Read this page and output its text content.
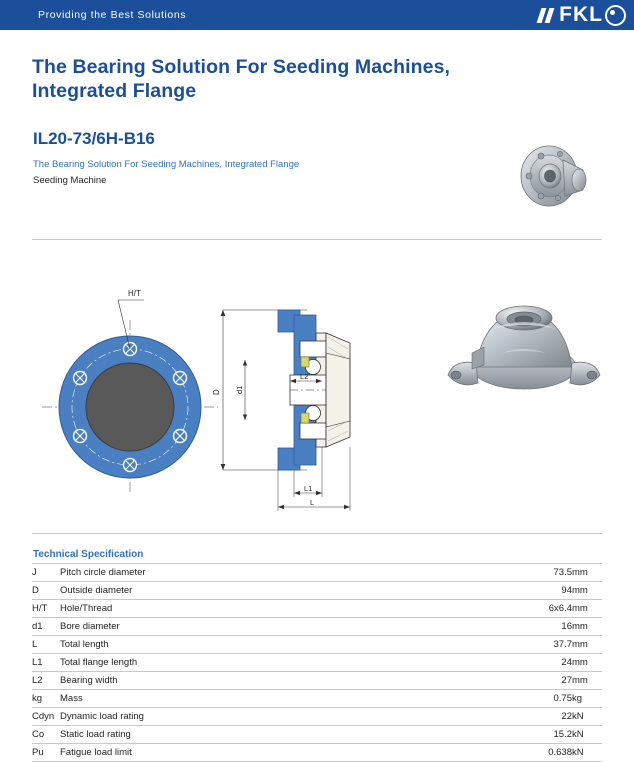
Providing the Best Solutions	FKL
The Bearing Solution For Seeding Machines,
Integrated Flange
IL20-73/6H-B16
The Bearing Solution For Seeding Machines, Integrated Flange
Seeding Machine
H/T
D d1
L2
L1
L
Technical Specification
J	Pitch circle diameter	73.5	mm
D	Outside diameter	94	mm
H/T	Hole/Thread	6x6.4	mm
d1	Bore diameter	16	mm
L	Total length	37.7	mm
L1	Total flange length	24	mm
L2	Bearing width	27	mm
kg	Mass	0.75	kg
Cdyn	Dynamic load rating	22	kN
Co	Static load rating	15.2	kN
Pu	Fatigue load limit	0.638	kN
